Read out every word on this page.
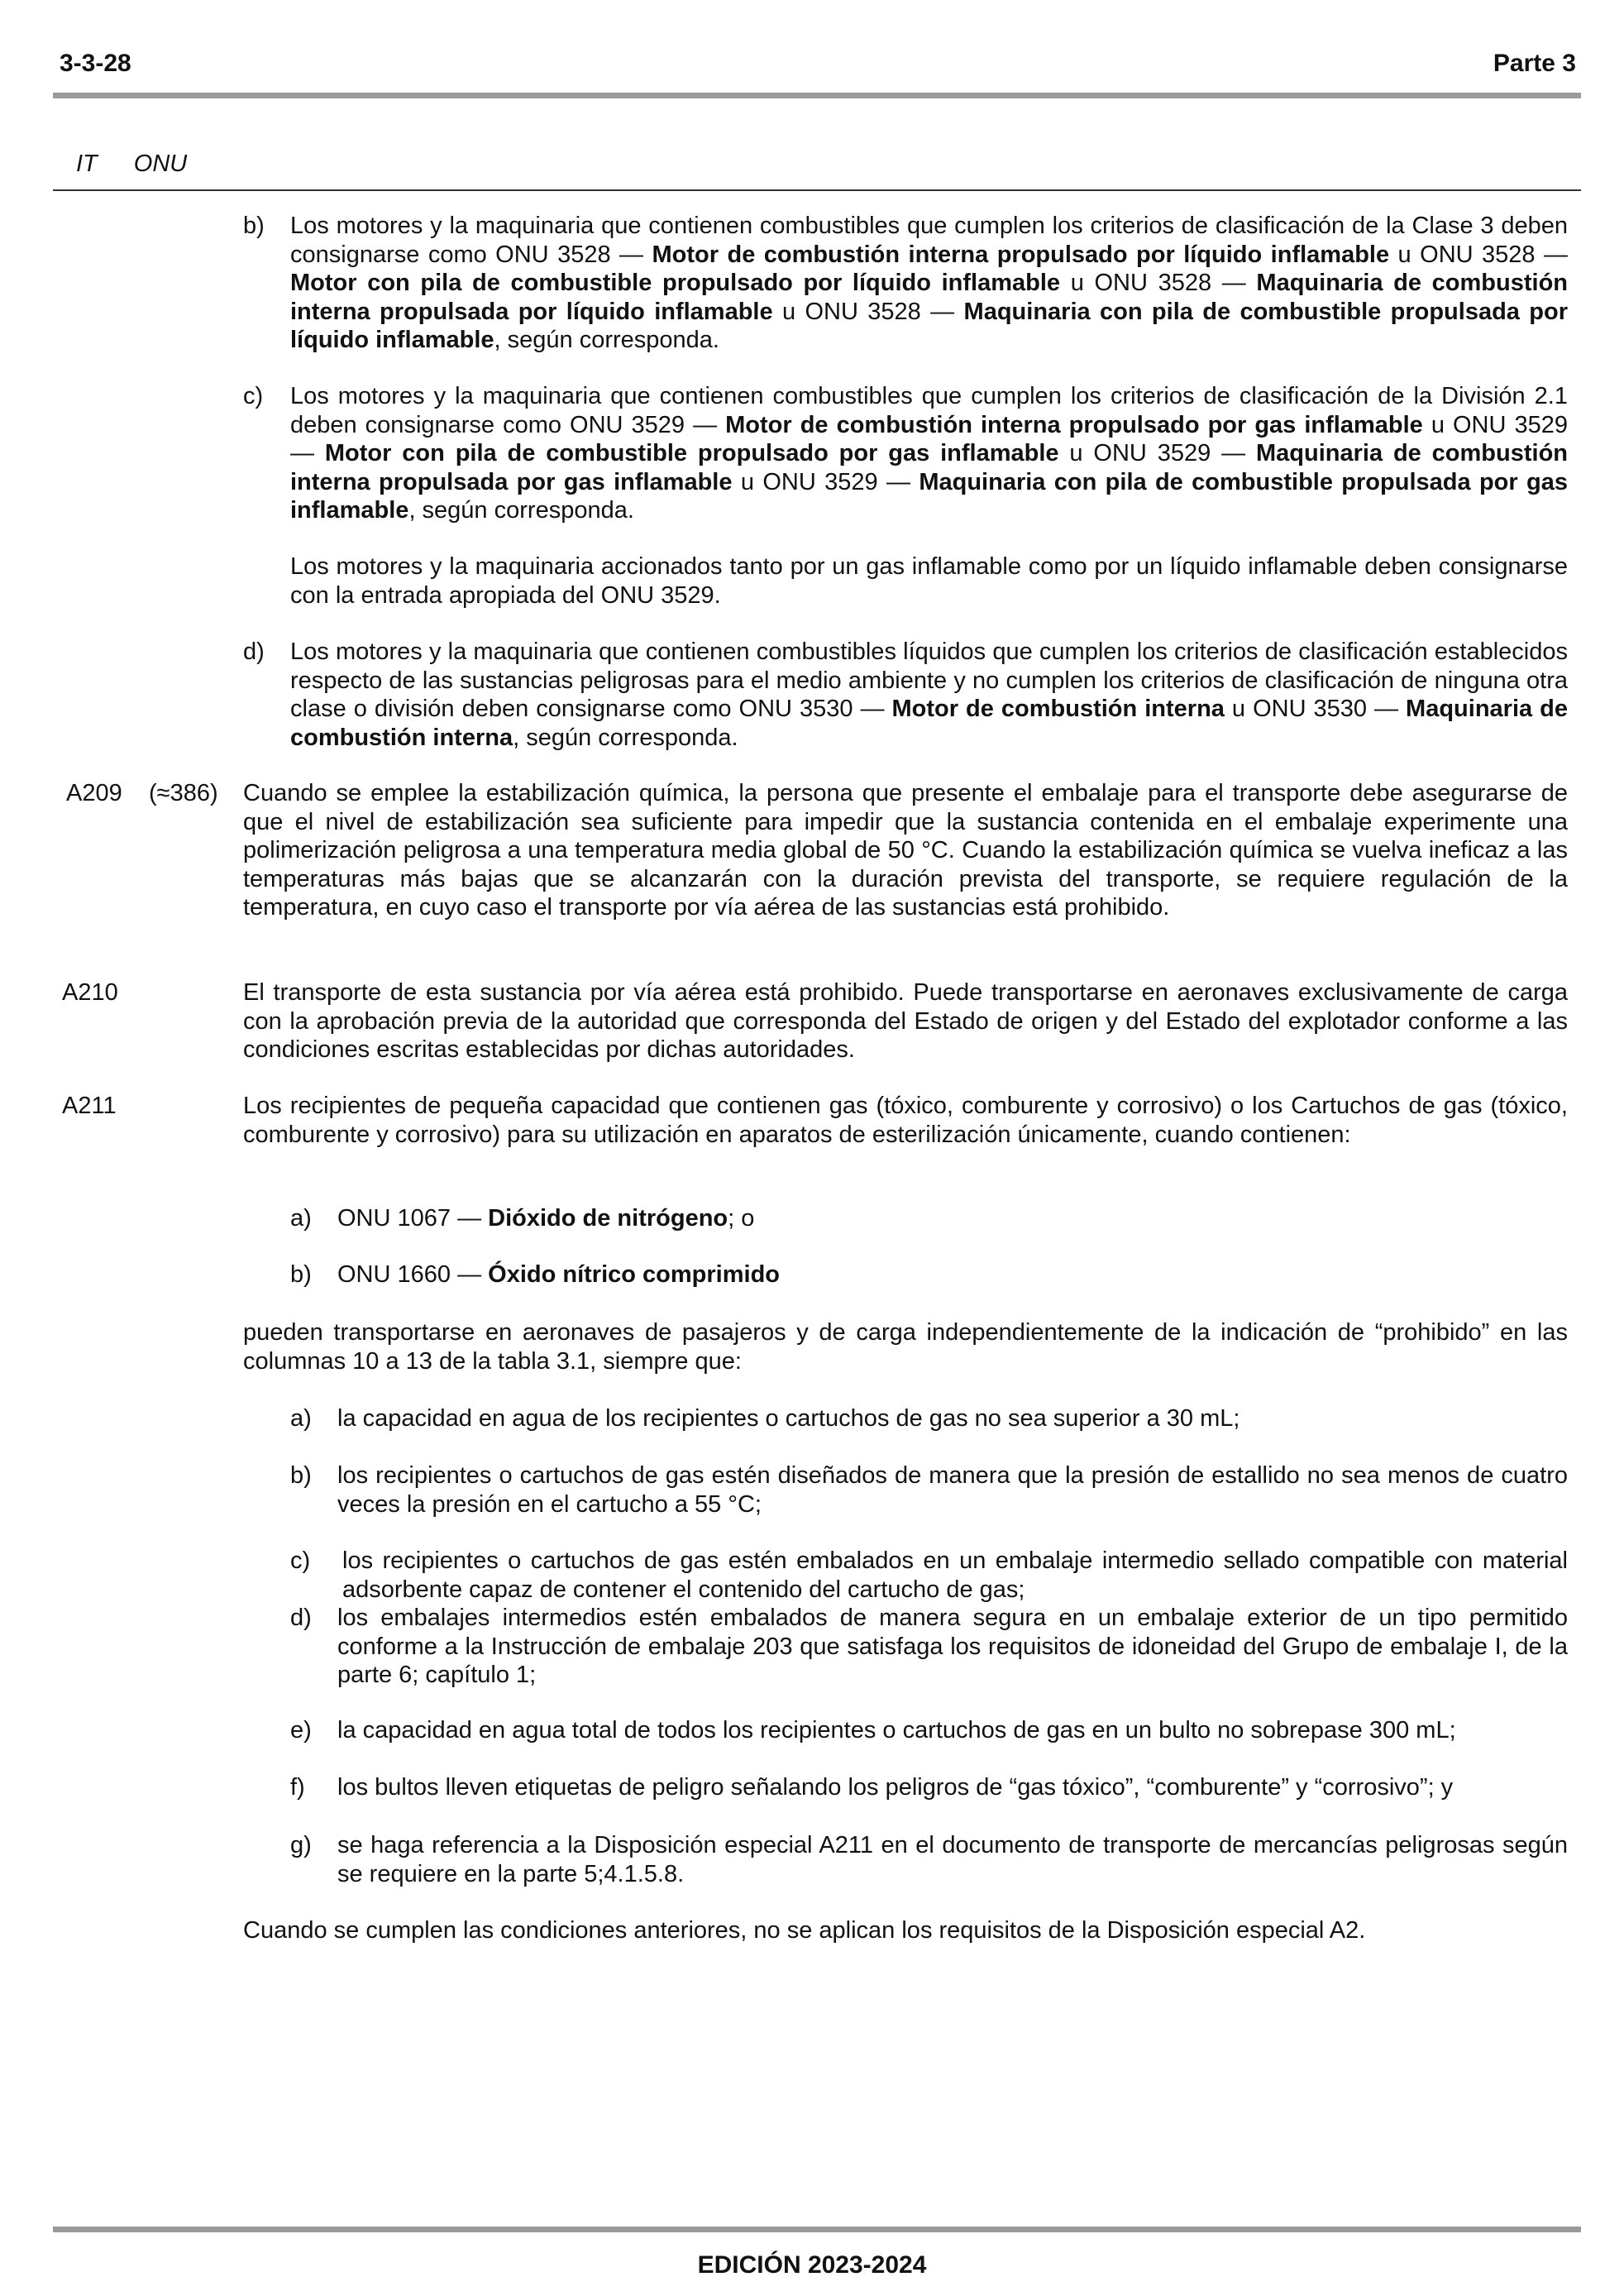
3-3-28	Parte 3
IT ONU
b) Los motores y la maquinaria que contienen combustibles que cumplen los criterios de clasificación de la Clase 3 deben consignarse como ONU 3528 — Motor de combustión interna propulsado por líquido inflamable u ONU 3528 — Motor con pila de combustible propulsado por líquido inflamable u ONU 3528 — Maquinaria de combustión interna propulsada por líquido inflamable u ONU 3528 — Maquinaria con pila de combustible propulsada por líquido inflamable, según corresponda.
c) Los motores y la maquinaria que contienen combustibles que cumplen los criterios de clasificación de la División 2.1 deben consignarse como ONU 3529 — Motor de combustión interna propulsado por gas inflamable u ONU 3529 — Motor con pila de combustible propulsado por gas inflamable u ONU 3529 — Maquinaria de combustión interna propulsada por gas inflamable u ONU 3529 — Maquinaria con pila de combustible propulsada por gas inflamable, según corresponda.
Los motores y la maquinaria accionados tanto por un gas inflamable como por un líquido inflamable deben consignarse con la entrada apropiada del ONU 3529.
d) Los motores y la maquinaria que contienen combustibles líquidos que cumplen los criterios de clasificación establecidos respecto de las sustancias peligrosas para el medio ambiente y no cumplen los criterios de clasificación de ninguna otra clase o división deben consignarse como ONU 3530 — Motor de combustión interna u ONU 3530 — Maquinaria de combustión interna, según corresponda.
A209 (≈386) Cuando se emplee la estabilización química, la persona que presente el embalaje para el transporte debe asegurarse de que el nivel de estabilización sea suficiente para impedir que la sustancia contenida en el embalaje experimente una polimerización peligrosa a una temperatura media global de 50 °C. Cuando la estabilización química se vuelva ineficaz a las temperaturas más bajas que se alcanzarán con la duración prevista del transporte, se requiere regulación de la temperatura, en cuyo caso el transporte por vía aérea de las sustancias está prohibido.
A210	El transporte de esta sustancia por vía aérea está prohibido. Puede transportarse en aeronaves exclusivamente de carga con la aprobación previa de la autoridad que corresponda del Estado de origen y del Estado del explotador conforme a las condiciones escritas establecidas por dichas autoridades.
A211	Los recipientes de pequeña capacidad que contienen gas (tóxico, comburente y corrosivo) o los Cartuchos de gas (tóxico, comburente y corrosivo) para su utilización en aparatos de esterilización únicamente, cuando contienen:
a) ONU 1067 — Dióxido de nitrógeno; o
b) ONU 1660 — Óxido nítrico comprimido
pueden transportarse en aeronaves de pasajeros y de carga independientemente de la indicación de “prohibido” en las columnas 10 a 13 de la tabla 3.1, siempre que:
a) la capacidad en agua de los recipientes o cartuchos de gas no sea superior a 30 mL;
b) los recipientes o cartuchos de gas estén diseñados de manera que la presión de estallido no sea menos de cuatro veces la presión en el cartucho a 55 °C;
c) los recipientes o cartuchos de gas estén embalados en un embalaje intermedio sellado compatible con material adsorbente capaz de contener el contenido del cartucho de gas;
d) los embalajes intermedios estén embalados de manera segura en un embalaje exterior de un tipo permitido conforme a la Instrucción de embalaje 203 que satisfaga los requisitos de idoneidad del Grupo de embalaje I, de la parte 6; capítulo 1;
e) la capacidad en agua total de todos los recipientes o cartuchos de gas en un bulto no sobrepase 300 mL;
f) los bultos lleven etiquetas de peligro señalando los peligros de “gas tóxico”, “comburente” y “corrosivo”; y
g) se haga referencia a la Disposición especial A211 en el documento de transporte de mercancías peligrosas según se requiere en la parte 5;4.1.5.8.
Cuando se cumplen las condiciones anteriores, no se aplican los requisitos de la Disposición especial A2.
EDICIÓN 2023-2024
